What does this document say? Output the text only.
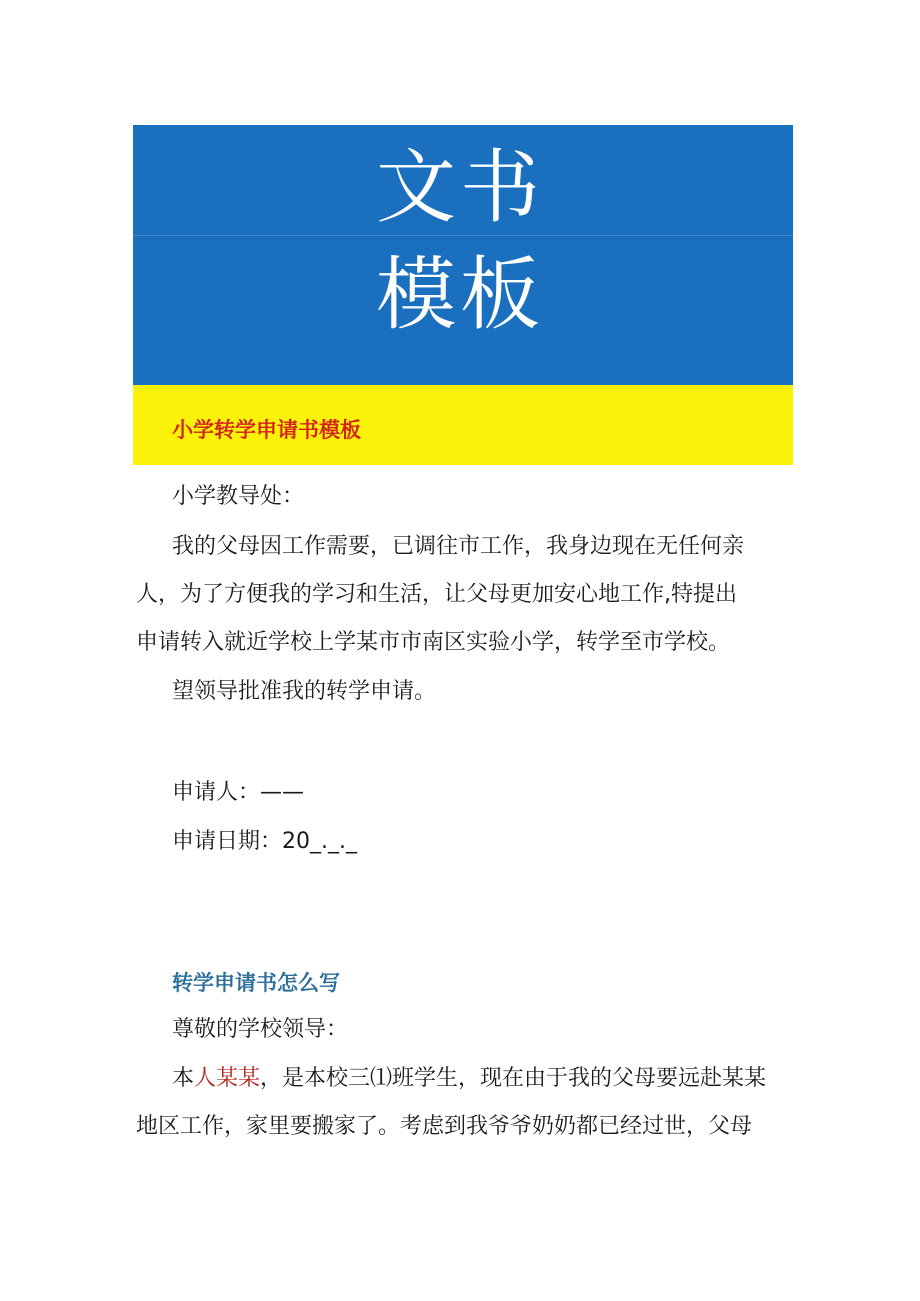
文书
模板
小学转学申请书模板
小学教导处：
我的父母因工作需要，已调往市工作，我身边现在无任何亲
人，为了方便我的学习和生活，让父母更加安心地工作,特提出
申请转入就近学校上学某市市南区实验小学，转学至市学校。
望领导批准我的转学申请。
申请人：——
申请日期：20_._._
转学申请书怎么写
尊敬的学校领导：
本人某某，是本校三⑴班学生，现在由于我的父母要远赴某某
地区工作，家里要搬家了。考虑到我爷爷奶奶都已经过世，父母
